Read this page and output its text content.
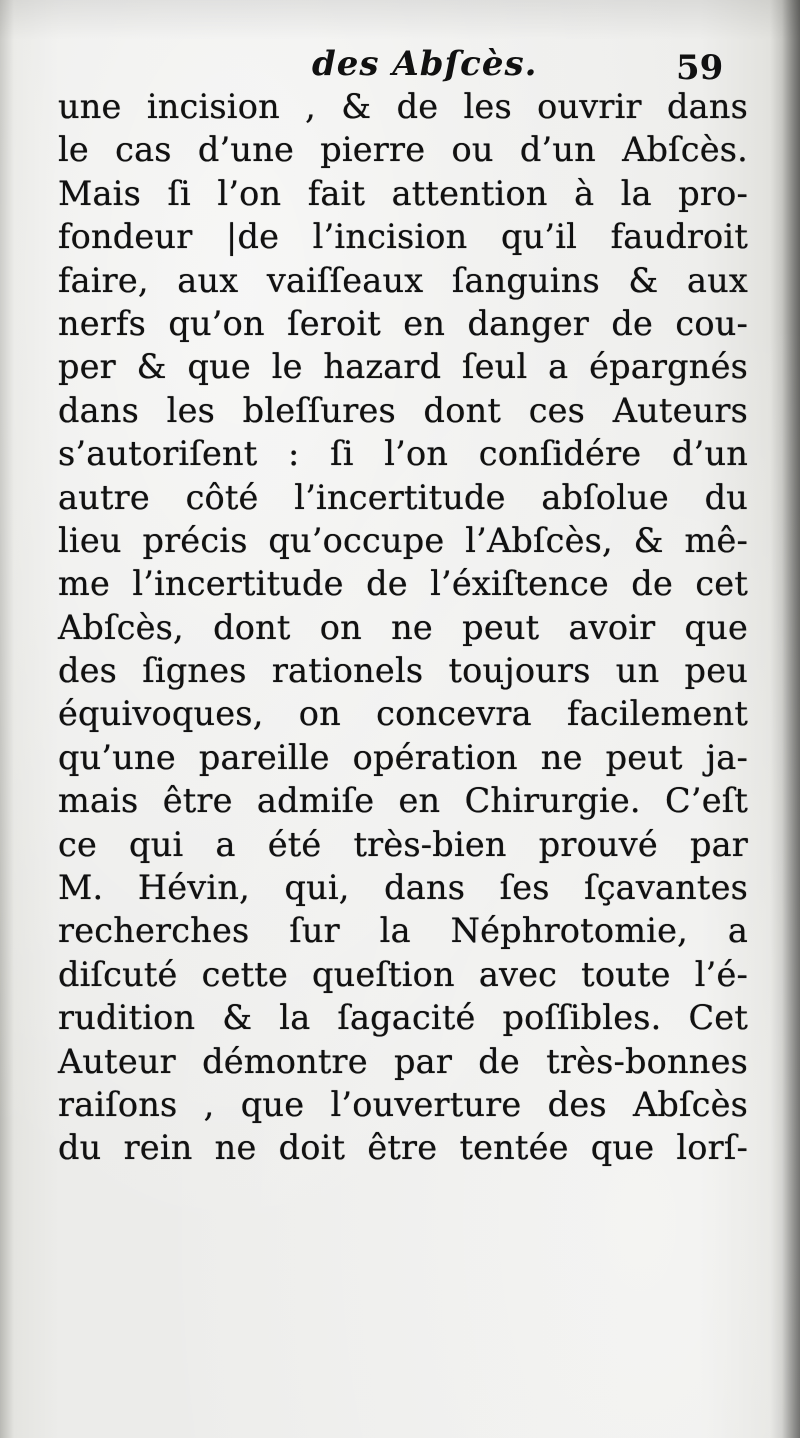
des Abſcès.	59
une incision , & de les ouvrir dans
le cas d’une pierre ou d’un Abſcès.
Mais ſi l’on fait attention à la pro-
fondeur |de l’incision qu’il faudroit
faire, aux vaiſſeaux ſanguins & aux
nerfs qu’on ſeroit en danger de cou-
per & que le hazard ſeul a épargnés
dans les bleſſures dont ces Auteurs
s’autoriſent : ſi l’on conſidére d’un
autre côté l’incertitude abſolue du
lieu précis qu’occupe l’Abſcès, & mê-
me l’incertitude de l’éxiſtence de cet
Abſcès, dont on ne peut avoir que
des ſignes rationels toujours un peu
équivoques, on concevra facilement
qu’une pareille opération ne peut ja-
mais être admiſe en Chirurgie. C’eſt
ce qui a été très-bien prouvé par
M. Hévin, qui, dans ſes ſçavantes
recherches ſur la Néphrotomie, a
diſcuté cette queſtion avec toute l’é-
rudition & la ſagacité poſſibles. Cet
Auteur démontre par de très-bonnes
raiſons , que l’ouverture des Abſcès
du rein ne doit être tentée que lorſ-
